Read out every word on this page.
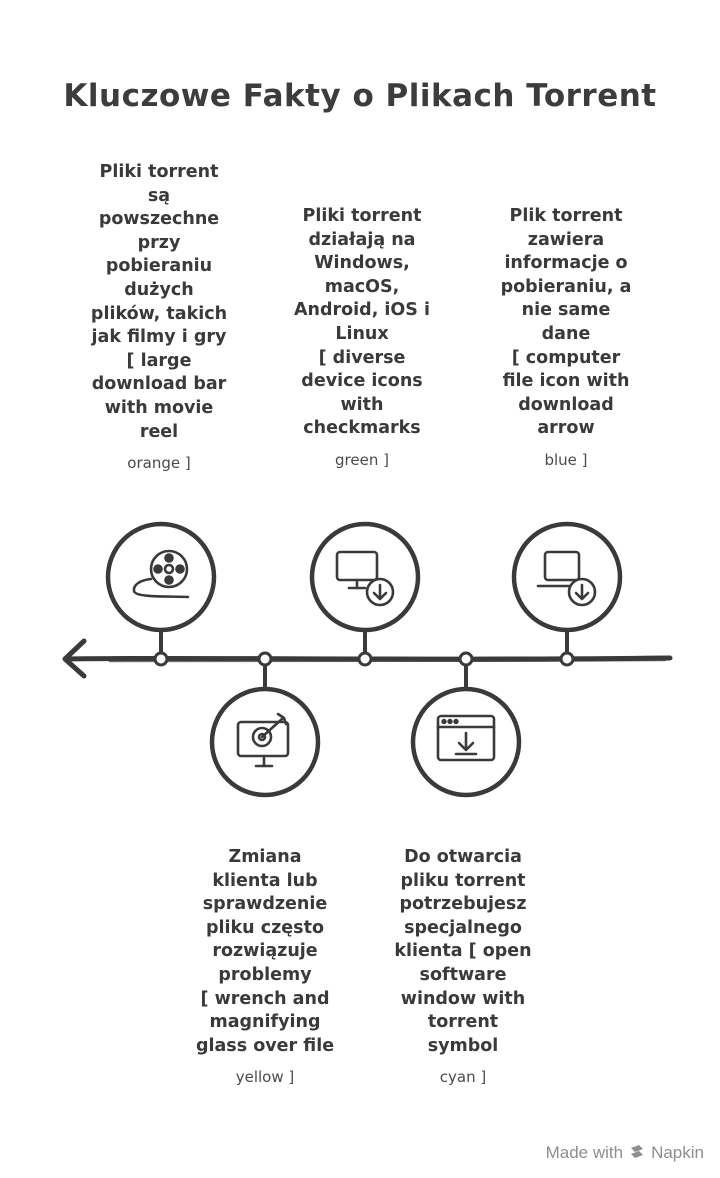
Kluczowe Fakty o Plikach Torrent
Pliki torrent
są
powszechne
przy
pobieraniu
dużych
plików, takich
jak filmy i gry
[ large
download bar
with movie
reel
orange ]
Pliki torrent
działają na
Windows,
macOS,
Android, iOS i
Linux
[ diverse
device icons
with
checkmarks
green ]
Plik torrent
zawiera
informacje o
pobieraniu, a
nie same
dane
[ computer
file icon with
download
arrow
blue ]
Zmiana
klienta lub
sprawdzenie
pliku często
rozwiązuje
problemy
[ wrench and
magnifying
glass over file
yellow ]
Do otwarcia
pliku torrent
potrzebujesz
specjalnego
klienta [ open
software
window with
torrent
symbol
cyan ]
Made with Napkin
